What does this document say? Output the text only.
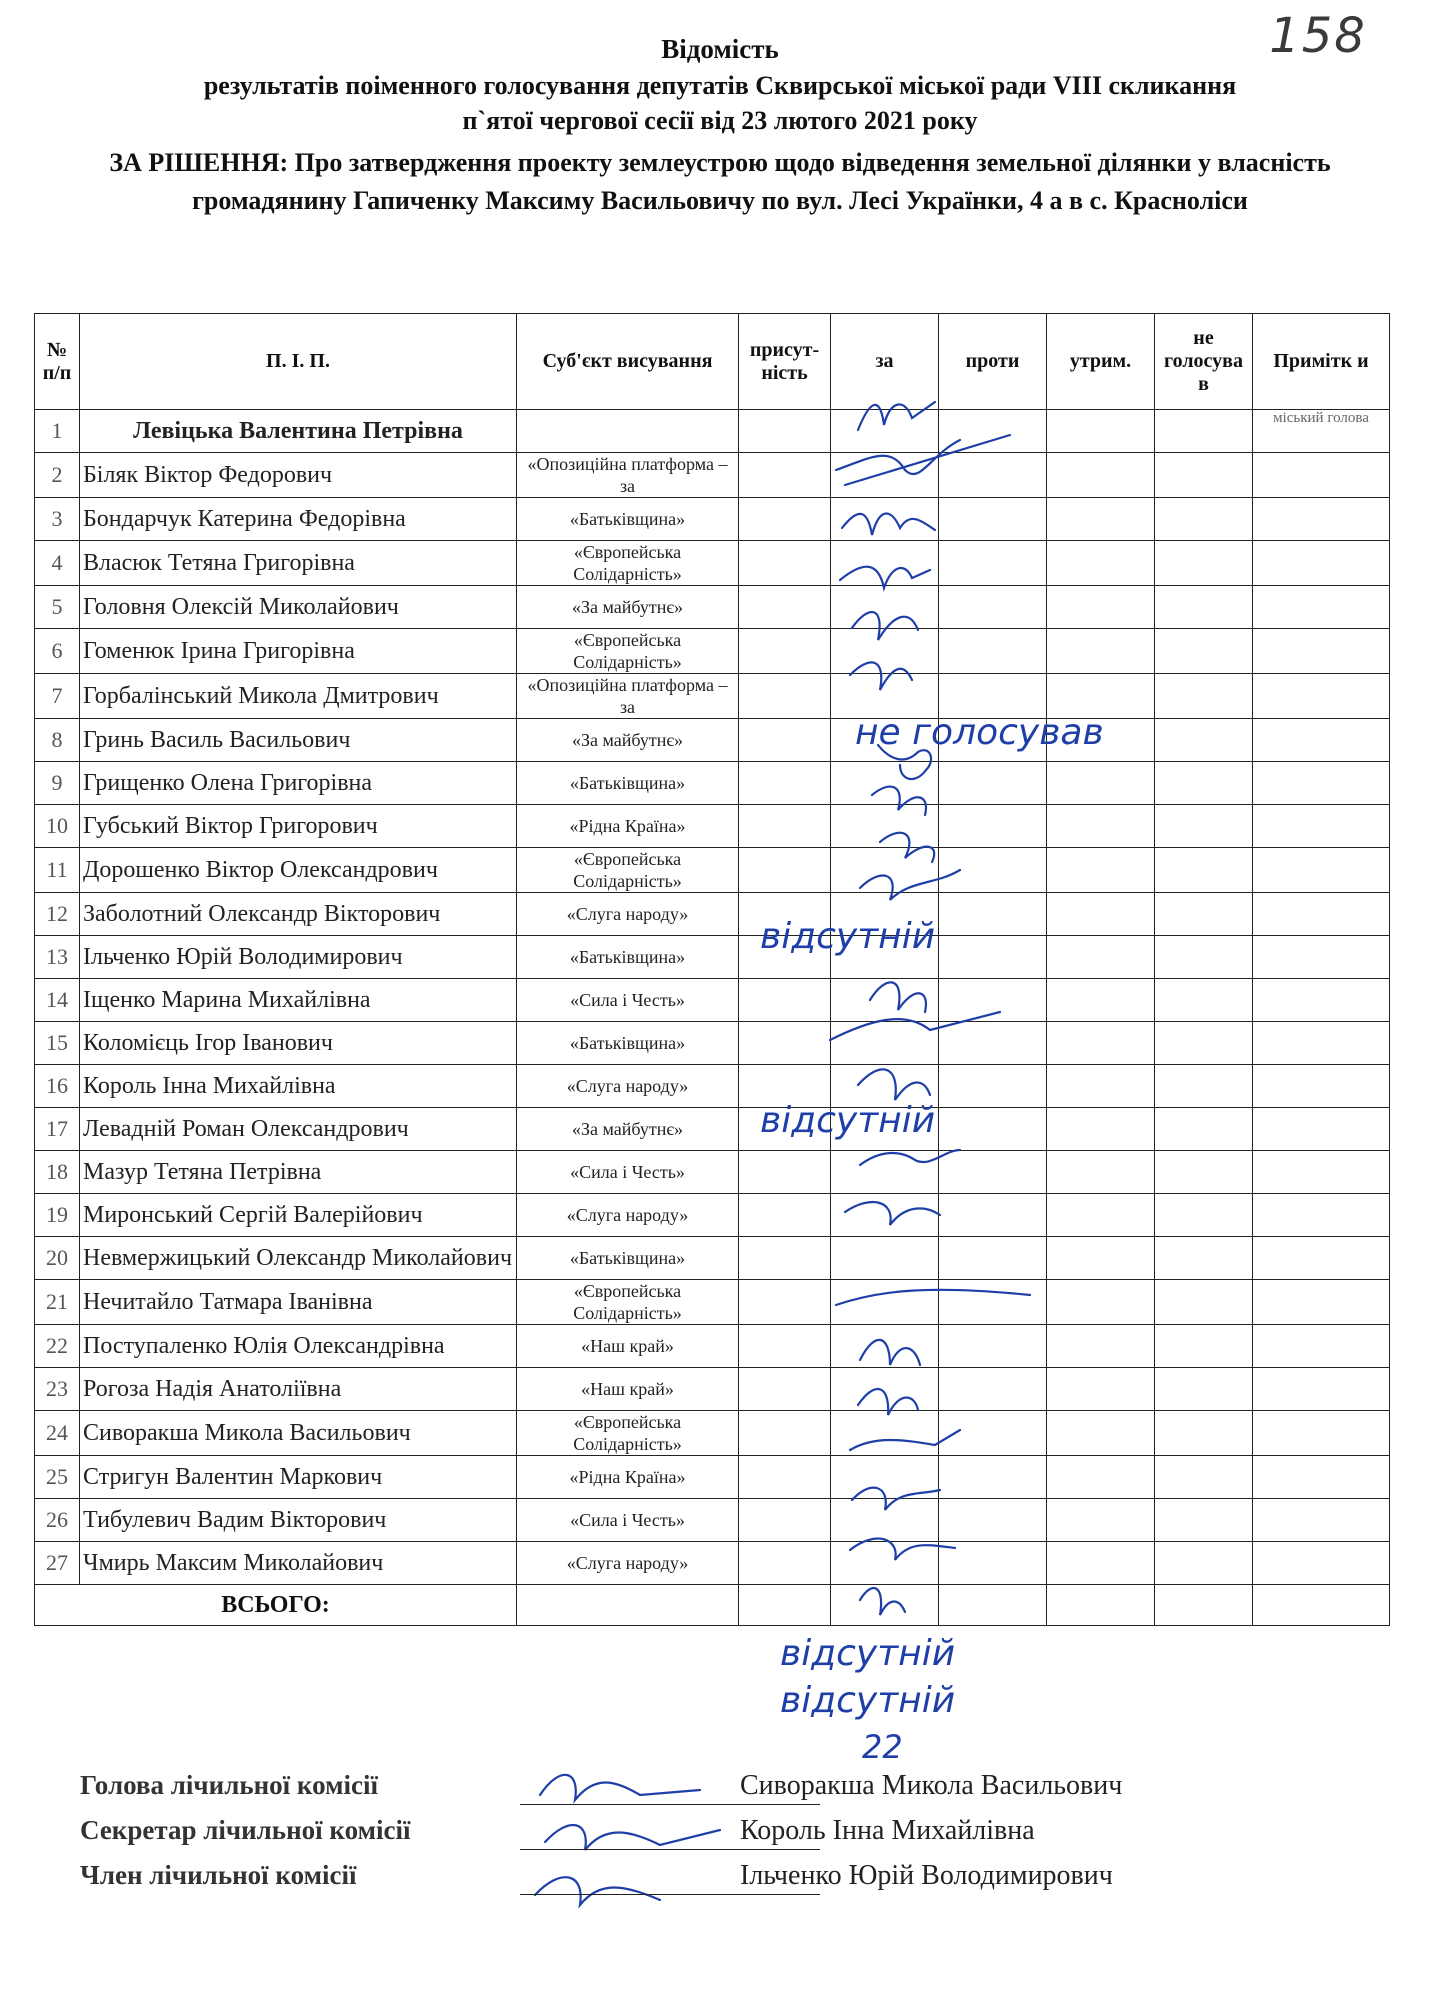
158
Відомість
результатів поіменного голосування депутатів Сквирської міської ради VIII скликання
п`ятої чергової сесії від 23 лютого 2021 року
ЗА РІШЕННЯ: Про затвердження проекту землеустрою щодо відведення земельної ділянки у власність громадянину Гапиченку Максиму Васильовичу по вул. Лесі Українки, 4 а в с. Красноліси
№ п/п	П. І. П.	Суб'єкт висування	присут-ність	за	проти	утрим.	не голосува в	Примітк и
1	Левіцька Валентина Петрівна							міський голова
2	Біляк Віктор Федорович	«Опозиційна платформа – за						
3	Бондарчук Катерина Федорівна	«Батьківщина»						
4	Власюк Тетяна Григорівна	«Європейська Солідарність»						
5	Головня Олексій Миколайович	«За майбутнє»						
6	Гоменюк Ірина Григорівна	«Європейська Солідарність»						
7	Горбалінський Микола Дмитрович	«Опозиційна платформа – за						
8	Гринь Василь Васильович	«За майбутнє»						
9	Грищенко Олена Григорівна	«Батьківщина»						
10	Губський Віктор Григорович	«Рідна Країна»						
11	Дорошенко Віктор Олександрович	«Європейська Солідарність»						
12	Заболотний Олександр Вікторович	«Слуга народу»						
13	Ільченко Юрій Володимирович	«Батьківщина»						
14	Іщенко Марина Михайлівна	«Сила і Честь»						
15	Коломієць Ігор Іванович	«Батьківщина»						
16	Король Інна Михайлівна	«Слуга народу»						
17	Левадній Роман Олександрович	«За майбутнє»						
18	Мазур Тетяна Петрівна	«Сила і Честь»						
19	Миронський Сергій Валерійович	«Слуга народу»						
20	Невмержицький Олександр Миколайович	«Батьківщина»						
21	Нечитайло Татмара Іванівна	«Європейська Солідарність»						
22	Поступаленко Юлія Олександрівна	«Наш край»						
23	Рогоза Надія Анатоліївна	«Наш край»						
24	Сиворакша Микола Васильович	«Європейська Солідарність»						
25	Стригун Валентин Маркович	«Рідна Країна»						
26	Тибулевич Вадим Вікторович	«Сила і Честь»						
27	Чмирь Максим Миколайович	«Слуга народу»						
ВСЬОГО:								
не голосував
відсутній
відсутній
відсутній
відсутній
22
Голова лічильної комісії	Сиворакша Микола Васильович
Секретар лічильної комісії	Король Інна Михайлівна
Член лічильної комісії	Ільченко Юрій Володимирович
